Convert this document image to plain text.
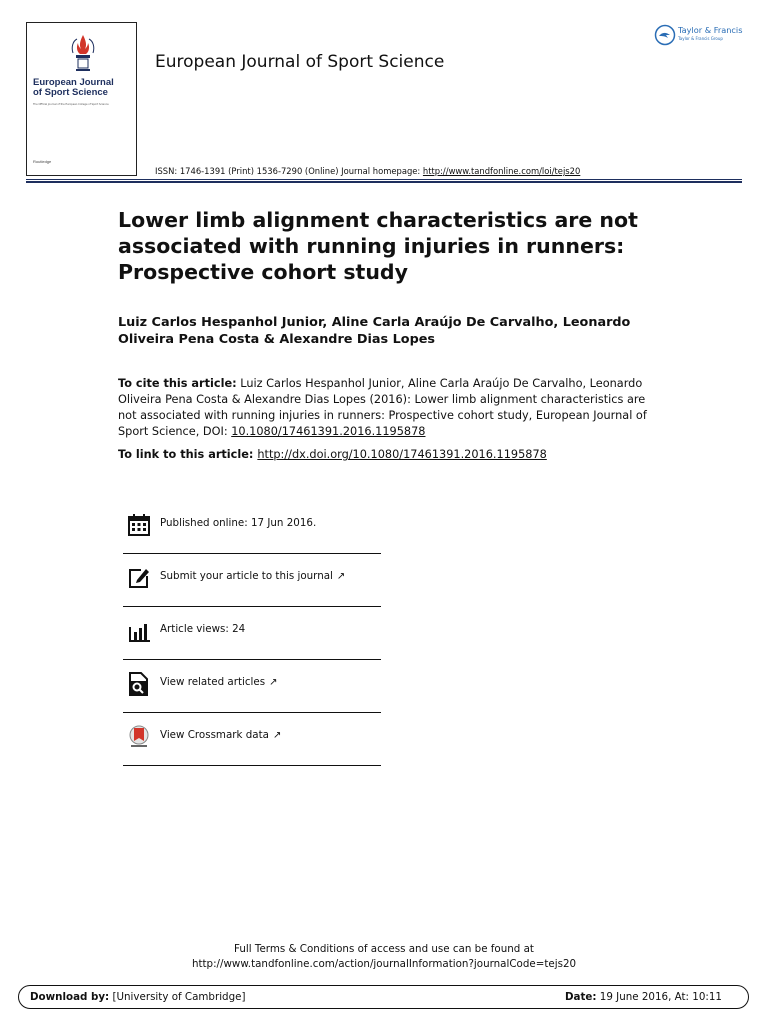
European Journal
of Sport Science
The Official Journal of the European College of Sport Science
Routledge
European Journal of Sport Science
Taylor & Francis
Taylor & Francis Group
ISSN: 1746-1391 (Print) 1536-7290 (Online) Journal homepage: http://www.tandfonline.com/loi/tejs20
Lower limb alignment characteristics are not associated with running injuries in runners: Prospective cohort study
Luiz Carlos Hespanhol Junior, Aline Carla Araújo De Carvalho, Leonardo Oliveira Pena Costa & Alexandre Dias Lopes
To cite this article: Luiz Carlos Hespanhol Junior, Aline Carla Araújo De Carvalho, Leonardo Oliveira Pena Costa & Alexandre Dias Lopes (2016): Lower limb alignment characteristics are not associated with running injuries in runners: Prospective cohort study, European Journal of Sport Science, DOI: 10.1080/17461391.2016.1195878
To link to this article: http://dx.doi.org/10.1080/17461391.2016.1195878
Published online: 17 Jun 2016.
Submit your article to this journal ↗
Article views: 24
View related articles ↗
View Crossmark data ↗
Full Terms & Conditions of access and use can be found at
http://www.tandfonline.com/action/journalInformation?journalCode=tejs20
Download by: [University of Cambridge]	Date: 19 June 2016, At: 10:11
